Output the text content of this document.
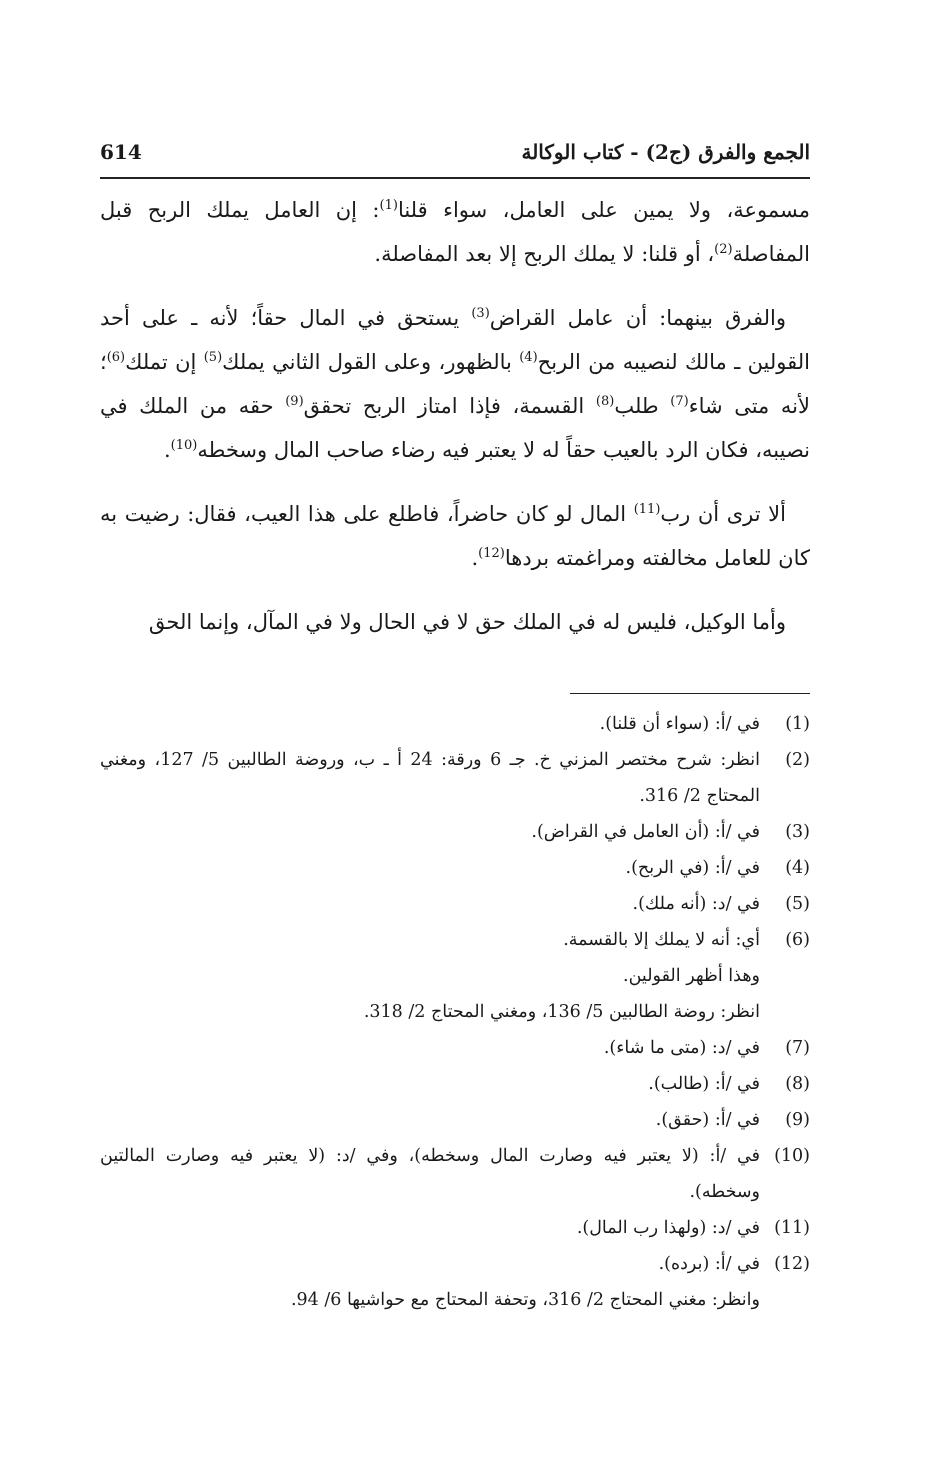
614	الجمع والفرق (ج2) - كتاب الوكالة

مسموعة، ولا يمين على العامل، سواء قلنا$^{(1)}$: إن العامل يملك الربح قبل المفاصلة$^{(2)}$، أو قلنا: لا يملك الربح إلا بعد المفاصلة.

والفرق بينهما: أن عامل القراض$^{(3)}$ يستحق في المال حقاً؛ لأنه ـ على أحد القولين ـ مالك لنصيبه من الربح$^{(4)}$ بالظهور، وعلى القول الثاني يملك$^{(5)}$ إن تملك$^{(6)}$؛ لأنه متى شاء$^{(7)}$ طلب$^{(8)}$ القسمة، فإذا امتاز الربح تحقق$^{(9)}$ حقه من الملك في نصيبه، فكان الرد بالعيب حقاً له لا يعتبر فيه رضاء صاحب المال وسخطه$^{(10)}$.

ألا ترى أن رب$^{(11)}$ المال لو كان حاضراً، فاطلع على هذا العيب، فقال: رضيت به كان للعامل مخالفته ومراغمته بردها$^{(12)}$.

وأما الوكيل، فليس له في الملك حق لا في الحال ولا في المآل، وإنما الحق

(1)
في /أ: (سواء أن قلنا).
(2)
انظر: شرح مختصر المزني خ. جـ 6 ورقة: 24 أ ـ ب، وروضة الطالبين 5/ 127، ومغني المحتاج 2/ 316.
(3)
في /أ: (أن العامل في القراض).
(4)
في /أ: (في الربح).
(5)
في /د: (أنه ملك).
(6)
أي: أنه لا يملك إلا بالقسمة.
وهذا أظهر القولين.
انظر: روضة الطالبين 5/ 136، ومغني المحتاج 2/ 318.
(7)
في /د: (متى ما شاء).
(8)
في /أ: (طالب).
(9)
في /أ: (حقق).
(10)
في /أ: (لا يعتبر فيه وصارت المال وسخطه)، وفي /د: (لا يعتبر فيه وصارت المالتين وسخطه).
(11)
في /د: (ولهذا رب المال).
(12)
في /أ: (برده).
وانظر: مغني المحتاج 2/ 316، وتحفة المحتاج مع حواشيها 6/ 94.
